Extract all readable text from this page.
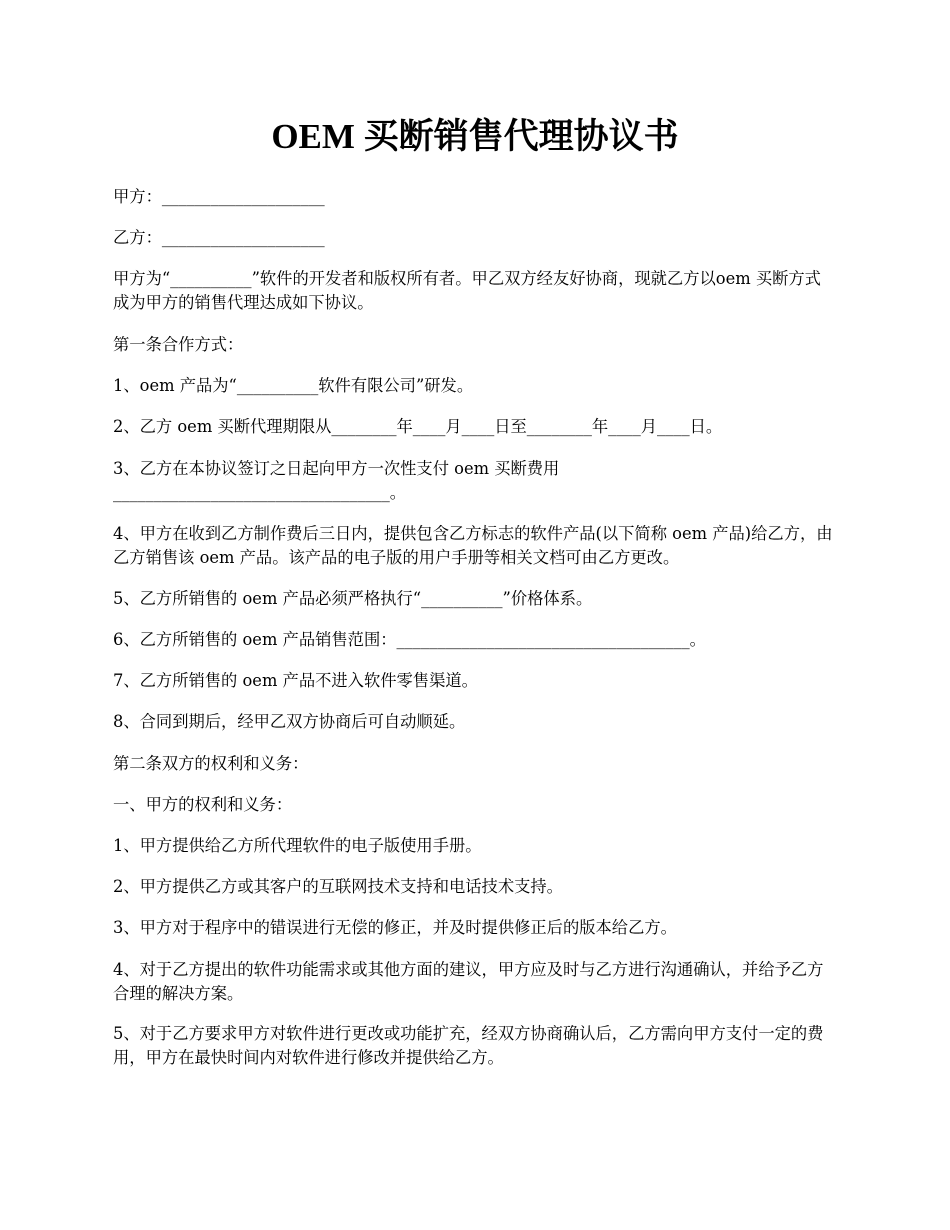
OEM 买断销售代理协议书

甲方：____________________

乙方：____________________

甲方为“__________”软件的开发者和版权所有者。甲乙双方经友好协商，现就乙方以oem 买断方式成为甲方的销售代理达成如下协议。

第一条合作方式：

1、oem 产品为“__________软件有限公司”研发。

2、乙方 oem 买断代理期限从________年____月____日至________年____月____日。

3、乙方在本协议签订之日起向甲方一次性支付 oem 买断费用__________________________________。

4、甲方在收到乙方制作费后三日内，提供包含乙方标志的软件产品(以下简称 oem 产品)给乙方，由乙方销售该 oem 产品。该产品的电子版的用户手册等相关文档可由乙方更改。

5、乙方所销售的 oem 产品必须严格执行“__________”价格体系。

6、乙方所销售的 oem 产品销售范围：____________________________________。

7、乙方所销售的 oem 产品不进入软件零售渠道。

8、合同到期后，经甲乙双方协商后可自动顺延。

第二条双方的权利和义务：

一、甲方的权利和义务：

1、甲方提供给乙方所代理软件的电子版使用手册。

2、甲方提供乙方或其客户的互联网技术支持和电话技术支持。

3、甲方对于程序中的错误进行无偿的修正，并及时提供修正后的版本给乙方。

4、对于乙方提出的软件功能需求或其他方面的建议，甲方应及时与乙方进行沟通确认，并给予乙方合理的解决方案。

5、对于乙方要求甲方对软件进行更改或功能扩充，经双方协商确认后，乙方需向甲方支付一定的费用，甲方在最快时间内对软件进行修改并提供给乙方。
